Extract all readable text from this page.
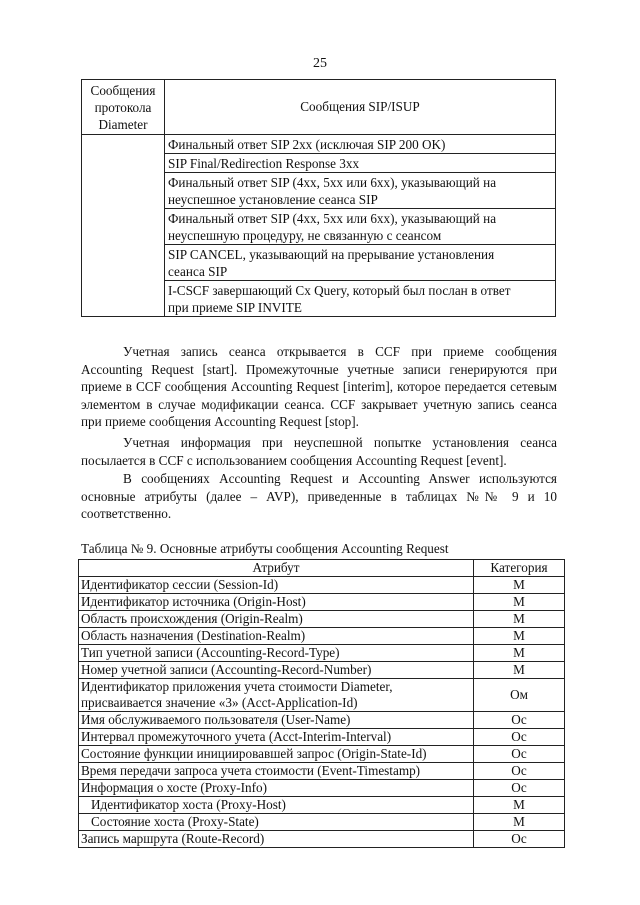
25
Сообщения
протокола
Diameter	Сообщения SIP/ISUP

	Финальный ответ SIP 2xx (исключая SIP 200 OK)

	SIP Final/Redirection Response 3xx

	Финальный ответ SIP (4xx, 5xx или 6xx), указывающий на
неуспешное установление сеанса SIP

	Финальный ответ SIP (4xx, 5xx или 6xx), указывающий на
неуспешную процедуру, не связанную с сеансом

	SIP CANCEL, указывающий на прерывание установления
сеанса SIP

	I-CSCF завершающий Cx Query, который был послан в ответ
при приеме SIP INVITE

Учетная запись сеанса открывается в CCF при приеме сообщения Accounting Request [start]. Промежуточные учетные записи генерируются при приеме в CCF сообщения Accounting Request [interim], которое передается сетевым элементом в случае модификации сеанса. CCF закрывает учетную запись сеанса при приеме сообщения Accounting Request [stop].

Учетная информация при неуспешной попытке установления сеанса посылается в CCF с использованием сообщения Accounting Request [event].

В сообщениях Accounting Request и Accounting Answer используются основные атрибуты (далее – AVP), приведенные в таблицах №№ 9 и 10 соответственно.

Таблица № 9. Основные атрибуты сообщения Accounting Request
Атрибут	Категория

Идентификатор сессии (Session-Id)	M

Идентификатор источника (Origin-Host)	M

Область происхождения (Origin-Realm)	M

Область назначения (Destination-Realm)	M

Тип учетной записи (Accounting-Record-Type)	M

Номер учетной записи (Accounting-Record-Number)	M

Идентификатор приложения учета стоимости Diameter,
присваивается значение «3» (Acct-Application-Id)	Oм

Имя обслуживаемого пользователя (User-Name)	Oc

Интервал промежуточного учета (Acct-Interim-Interval)	Oc

Состояние функции инициировавшей запрос (Origin-State-Id)	Oc

Время передачи запроса учета стоимости (Event-Timestamp)	Oc

Информация о хосте (Proxy-Info)	Oc

Идентификатор хоста (Proxy-Host)	M

Состояние хоста (Proxy-State)	M

Запись маршрута (Route-Record)	Oc
